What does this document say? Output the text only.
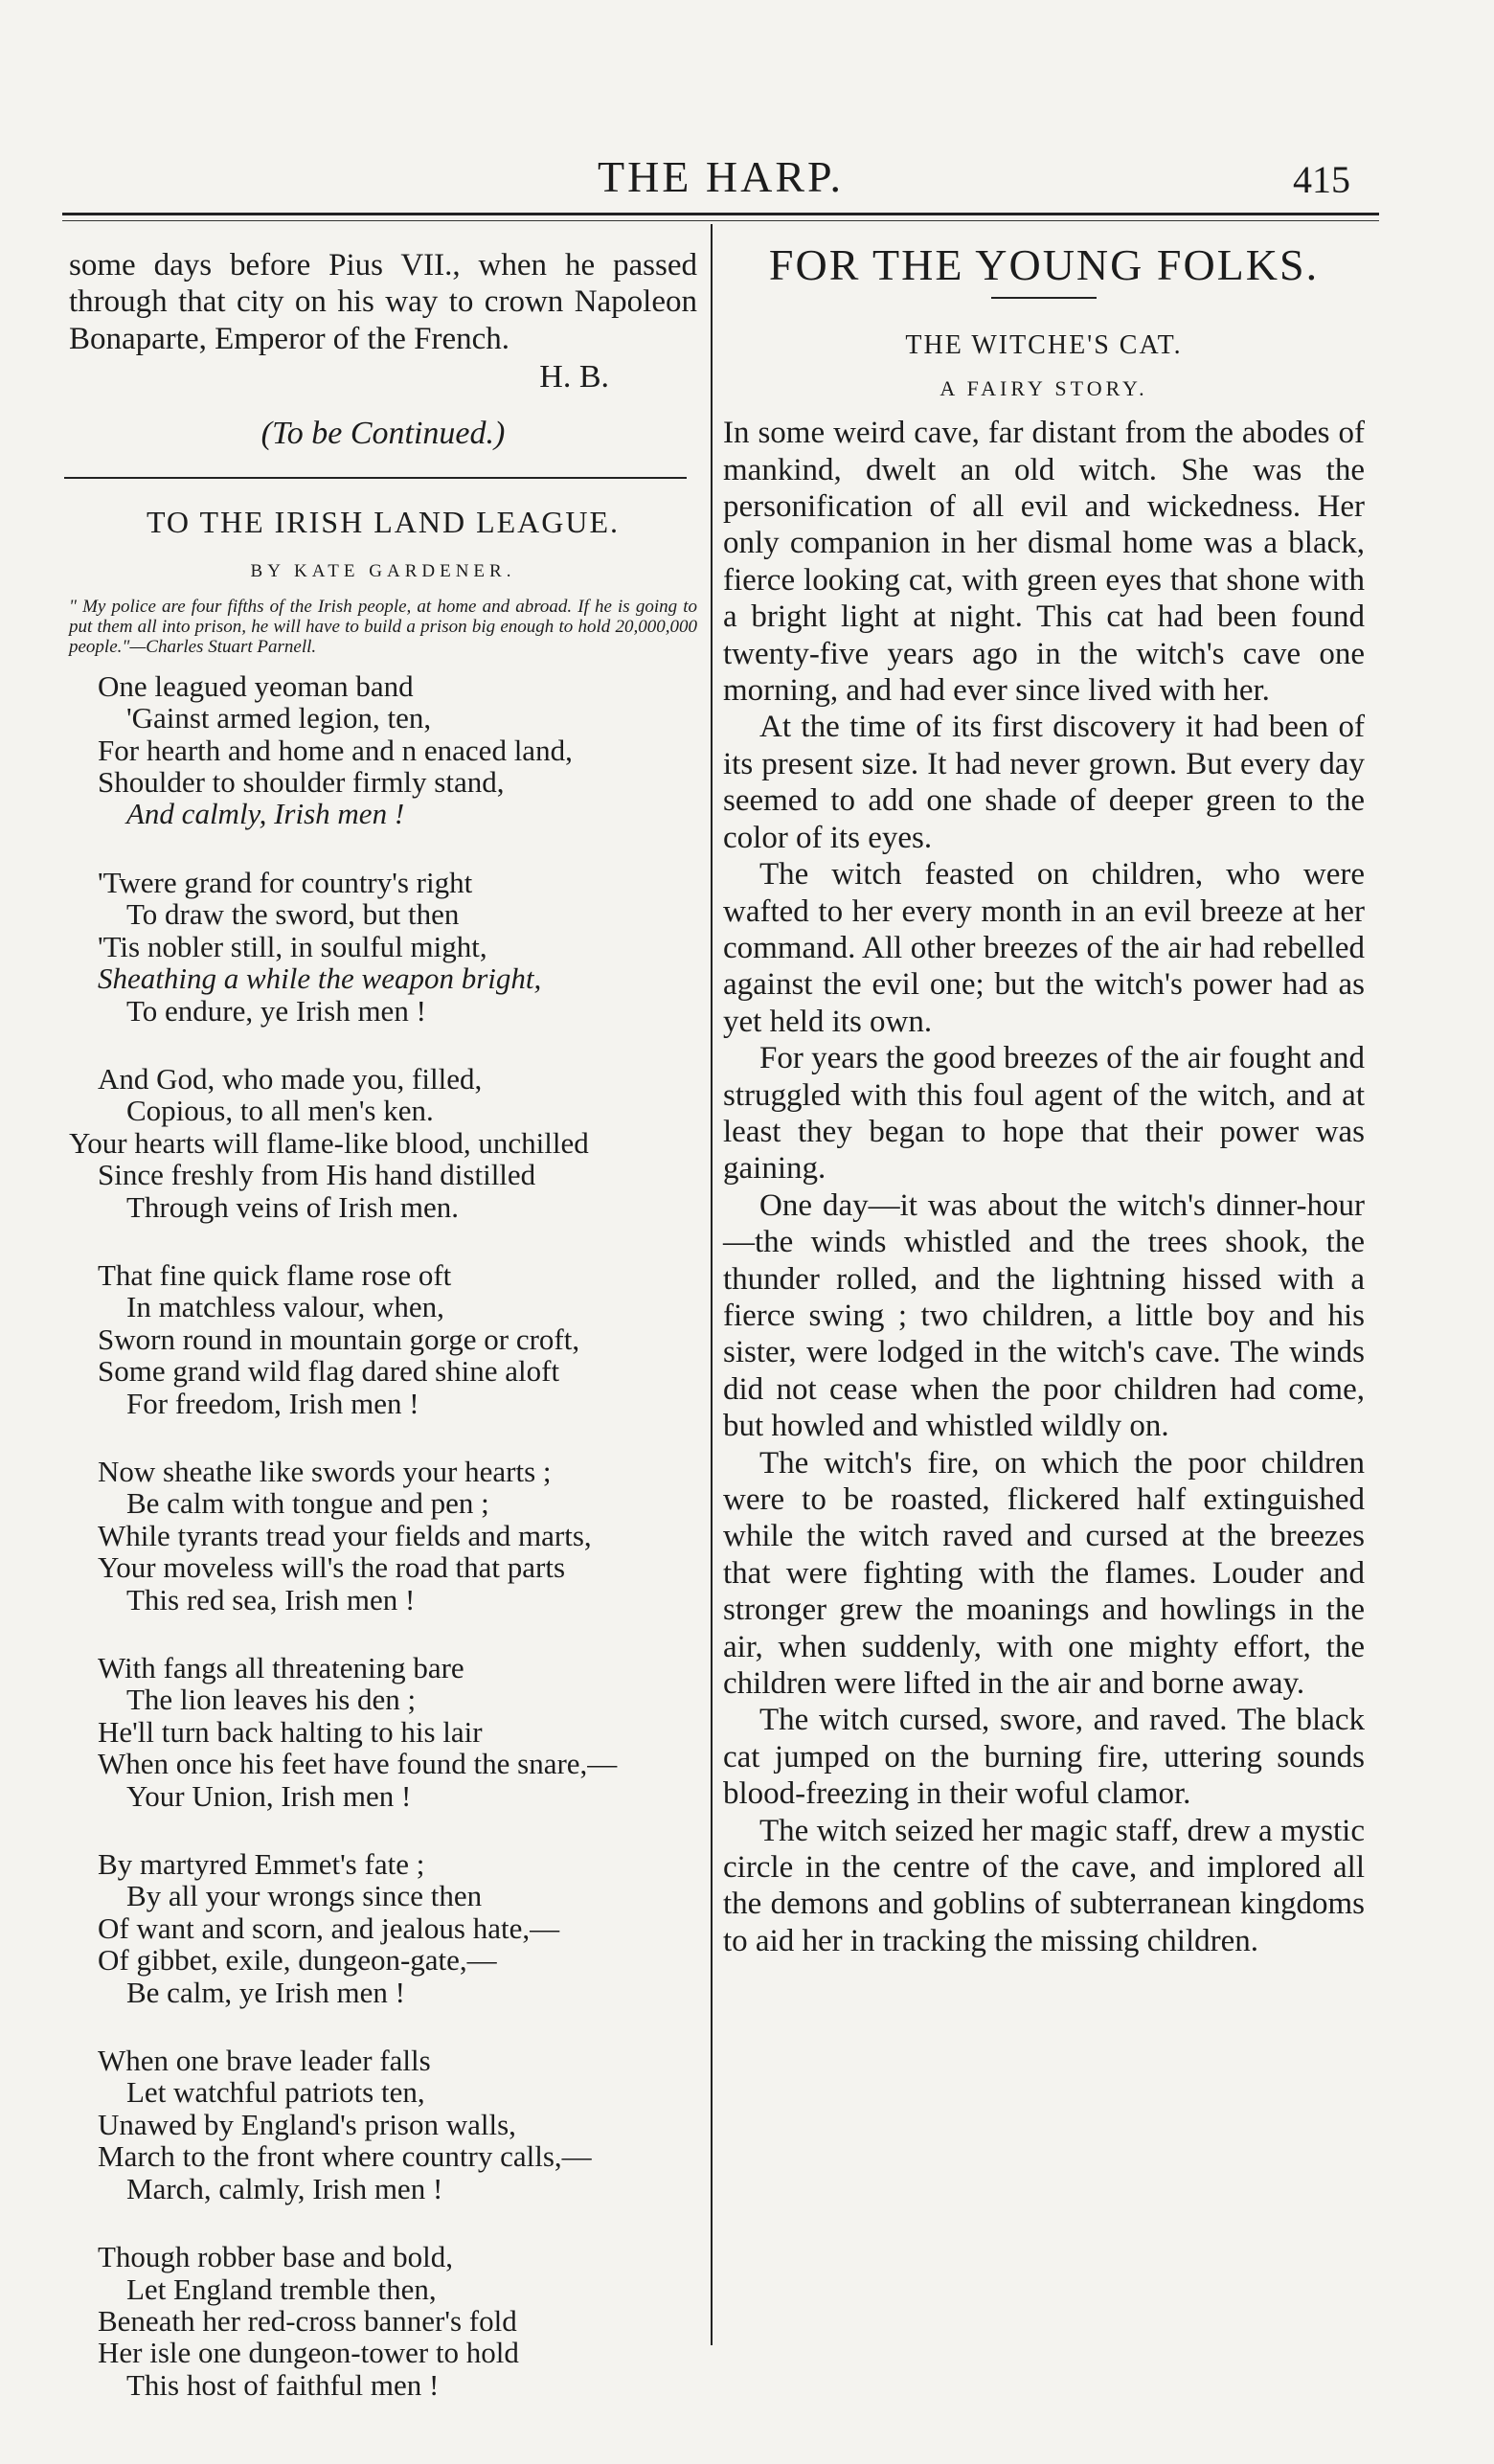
THE HARP.	415

some days before Pius VII., when he passed through that city on his way to crown Napoleon Bonaparte, Emperor of the French.

H. B.
(To be Continued.)
TO THE IRISH LAND LEAGUE.
BY KATE GARDENER.
" My police are four fifths of the Irish people, at home and abroad. If he is going to put them all into prison, he will have to build a prison big enough to hold 20,000,000 people."—Charles Stuart Parnell.
One leagued yeoman band
'Gainst armed legion, ten,
For hearth and home and n enaced land,
Shoulder to shoulder firmly stand,
And calmly, Irish men !
'Twere grand for country's right
To draw the sword, but then
'Tis nobler still, in soulful might,
Sheathing a while the weapon bright,
To endure, ye Irish men !
And God, who made you, filled,
Copious, to all men's ken.
Your hearts will flame-like blood, unchilled
Since freshly from His hand distilled
Through veins of Irish men.
That fine quick flame rose oft
In matchless valour, when,
Sworn round in mountain gorge or croft,
Some grand wild flag dared shine aloft
For freedom, Irish men !
Now sheathe like swords your hearts ;
Be calm with tongue and pen ;
While tyrants tread your fields and marts,
Your moveless will's the road that parts
This red sea, Irish men !
With fangs all threatening bare
The lion leaves his den ;
He'll turn back halting to his lair
When once his feet have found the snare,—
Your Union, Irish men !
By martyred Emmet's fate ;
By all your wrongs since then
Of want and scorn, and jealous hate,—
Of gibbet, exile, dungeon-gate,—
Be calm, ye Irish men !
When one brave leader falls
Let watchful patriots ten,
Unawed by England's prison walls,
March to the front where country calls,—
March, calmly, Irish men !
Though robber base and bold,
Let England tremble then,
Beneath her red-cross banner's fold
Her isle one dungeon-tower to hold
This host of faithful men !
FOR THE YOUNG FOLKS.
THE WITCHE'S CAT.
A FAIRY STORY.

In some weird cave, far distant from the abodes of mankind, dwelt an old witch. She was the personification of all evil and wickedness. Her only companion in her dismal home was a black, fierce looking cat, with green eyes that shone with a bright light at night. This cat had been found twenty-five years ago in the witch's cave one morning, and had ever since lived with her.

At the time of its first discovery it had been of its present size. It had never grown. But every day seemed to add one shade of deeper green to the color of its eyes.

The witch feasted on children, who were wafted to her every month in an evil breeze at her command. All other breezes of the air had rebelled against the evil one; but the witch's power had as yet held its own.

For years the good breezes of the air fought and struggled with this foul agent of the witch, and at least they began to hope that their power was gaining.

One day—it was about the witch's dinner-hour—the winds whistled and the trees shook, the thunder rolled, and the lightning hissed with a fierce swing ; two children, a little boy and his sister, were lodged in the witch's cave. The winds did not cease when the poor children had come, but howled and whistled wildly on.

The witch's fire, on which the poor children were to be roasted, flickered half extinguished while the witch raved and cursed at the breezes that were fighting with the flames. Louder and stronger grew the moanings and howlings in the air, when suddenly, with one mighty effort, the children were lifted in the air and borne away.

The witch cursed, swore, and raved. The black cat jumped on the burning fire, uttering sounds blood-freezing in their woful clamor.

The witch seized her magic staff, drew a mystic circle in the centre of the cave, and implored all the demons and goblins of subterranean kingdoms to aid her in tracking the missing children.
